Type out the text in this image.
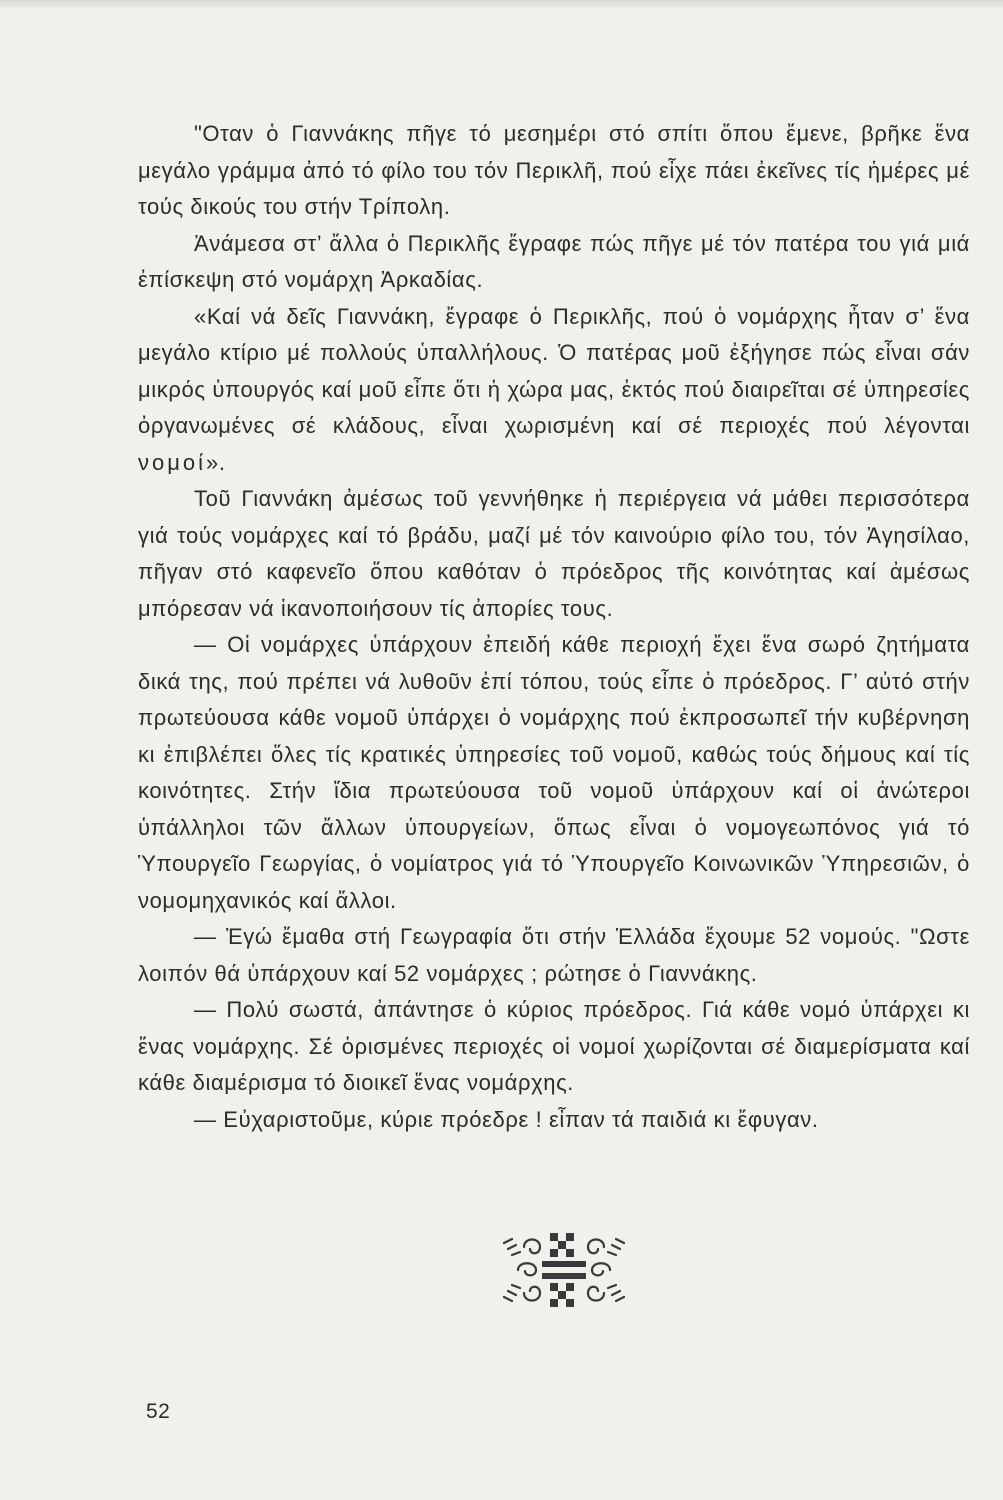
"Οταν ὁ Γιαννάκης πῆγε τό μεσημέρι στό σπίτι ὅπου ἔμενε, βρῆκε ἕνα μεγάλο γράμμα ἀπό τό φίλο του τόν Περικλῆ, πού εἶχε πάει ἐκεῖνες τίς ἡμέρες μέ τούς δικούς του στήν Τρίπολη.

Ἀνάμεσα στ’ ἄλλα ὁ Περικλῆς ἔγραφε πώς πῆγε μέ τόν πατέρα του γιά μιά ἐπίσκεψη στό νομάρχη Ἀρκαδίας.

«Καί νά δεῖς Γιαννάκη, ἔγραφε ὁ Περικλῆς, πού ὁ νομάρχης ἦταν σ’ ἕνα μεγάλο κτίριο μέ πολλούς ὑπαλλήλους. Ὁ πατέρας μοῦ ἐξήγησε πώς εἶναι σάν μικρός ὑπουργός καί μοῦ εἶπε ὅτι ἡ χώρα μας, ἐκτός πού διαιρεῖται σέ ὑπηρεσίες ὀργανωμένες σέ κλάδους, εἶναι χωρισμένη καί σέ περιοχές πού λέγονται νομοί».

Τοῦ Γιαννάκη ἀμέσως τοῦ γεννήθηκε ἡ περιέργεια νά μάθει περισσότερα γιά τούς νομάρχες καί τό βράδυ, μαζί μέ τόν καινούριο φίλο του, τόν Ἀγησίλαο, πῆγαν στό καφενεῖο ὅπου καθόταν ὁ πρόεδρος τῆς κοινότητας καί ἀμέσως μπόρεσαν νά ἱκανοποιήσουν τίς ἀπορίες τους.

— Οἱ νομάρχες ὑπάρχουν ἐπειδή κάθε περιοχή ἔχει ἕνα σωρό ζητήματα δικά της, πού πρέπει νά λυθοῦν ἐπί τόπου, τούς εἶπε ὁ πρόεδρος. Γ’ αὐτό στήν πρωτεύουσα κάθε νομοῦ ὑπάρχει ὁ νομάρχης πού ἐκπροσωπεῖ τήν κυβέρνηση κι ἐπιβλέπει ὅλες τίς κρατικές ὑπηρεσίες τοῦ νομοῦ, καθώς τούς δήμους καί τίς κοινότητες. Στήν ἴδια πρωτεύουσα τοῦ νομοῦ ὑπάρχουν καί οἱ ἀνώτεροι ὑπάλληλοι τῶν ἄλλων ὑπουργείων, ὅπως εἶναι ὁ νομογεωπόνος γιά τό Ὑπουργεῖο Γεωργίας, ὁ νομίατρος γιά τό Ὑπουργεῖο Κοινωνικῶν Ὑπηρεσιῶν, ὁ νομομηχανικός καί ἄλλοι.

— Ἐγώ ἔμαθα στή Γεωγραφία ὅτι στήν Ἑλλάδα ἔχουμε 52 νομούς. "Ωστε λοιπόν θά ὑπάρχουν καί 52 νομάρχες ; ρώτησε ὁ Γιαννάκης.

— Πολύ σωστά, ἀπάντησε ὁ κύριος πρόεδρος. Γιά κάθε νομό ὑπάρχει κι ἕνας νομάρχης. Σέ ὁρισμένες περιοχές οἱ νομοί χωρίζονται σέ διαμερίσματα καί κάθε διαμέρισμα τό διοικεῖ ἕνας νομάρχης.

— Εὐχαριστοῦμε, κύριε πρόεδρε ! εἶπαν τά παιδιά κι ἔφυγαν.

52
